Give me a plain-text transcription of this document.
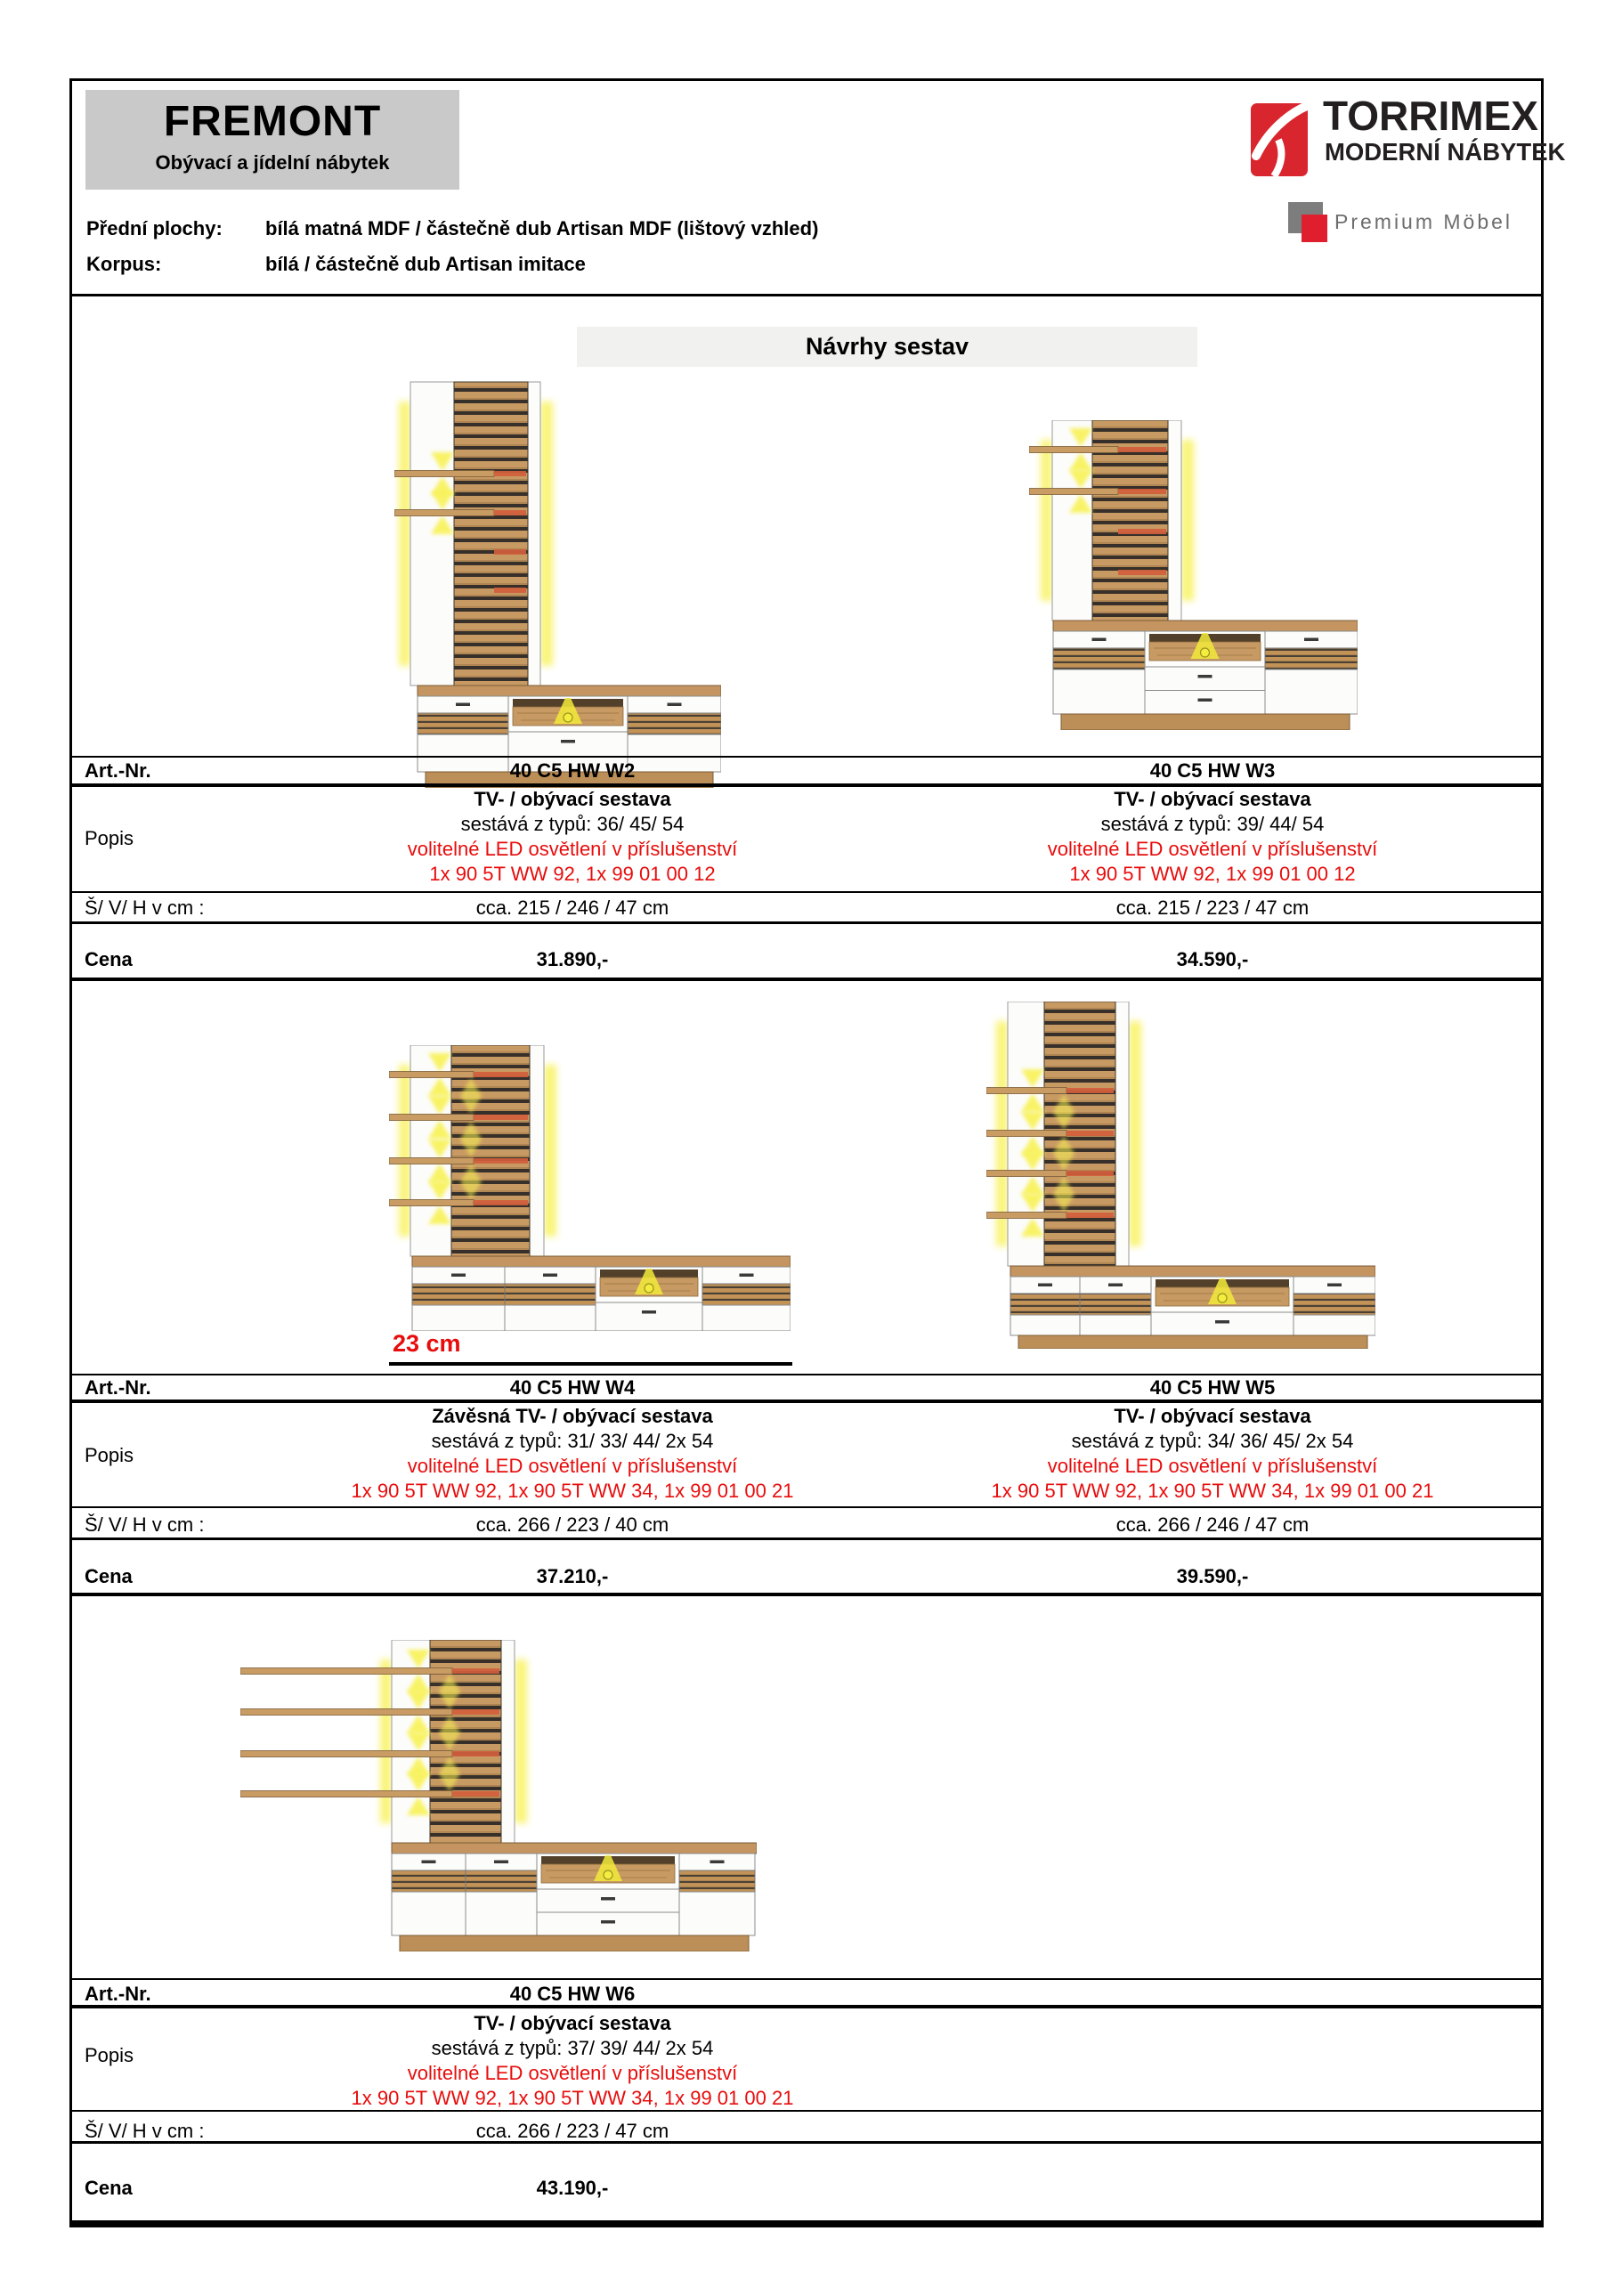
FREMONT
Obývací a jídelní nábytek
TORRIMEX
MODERNÍ NÁBYTEK
Premium Möbel
Přední plochy: bílá matná MDF / částečně dub Artisan MDF (lištový vzhled)
Korpus:	bílá / částečně dub Artisan imitace
Návrhy sestav
23 cm
Art.-Nr.	40 C5 HW W2	40 C5 HW W3
Popis
TV- / obývací sestava	TV- / obývací sestava
sestává z typů: 36/ 45/ 54	sestává z typů: 39/ 44/ 54
volitelné LED osvětlení v příslušenství	volitelné LED osvětlení v příslušenství
1x 90 5T WW 92, 1x 99 01 00 12	1x 90 5T WW 92, 1x 99 01 00 12
Š/ V/ H v cm :	cca. 215 / 246 / 47 cm	cca. 215 / 223 / 47 cm
Cena	31.890,-	34.590,-
Art.-Nr.	40 C5 HW W4	40 C5 HW W5
Popis
Závěsná TV- / obývací sestava	TV- / obývací sestava
sestává z typů: 31/ 33/ 44/ 2x 54	sestává z typů: 34/ 36/ 45/ 2x 54
volitelné LED osvětlení v příslušenství	volitelné LED osvětlení v příslušenství
1x 90 5T WW 92, 1x 90 5T WW 34, 1x 99 01 00 21	1x 90 5T WW 92, 1x 90 5T WW 34, 1x 99 01 00 21
Š/ V/ H v cm :	cca. 266 / 223 / 40 cm	cca. 266 / 246 / 47 cm
Cena	37.210,-	39.590,-
Art.-Nr.	40 C5 HW W6
Popis
TV- / obývací sestava
sestává z typů: 37/ 39/ 44/ 2x 54
volitelné LED osvětlení v příslušenství
1x 90 5T WW 92, 1x 90 5T WW 34, 1x 99 01 00 21
Š/ V/ H v cm :	cca. 266 / 223 / 47 cm
Cena	43.190,-
